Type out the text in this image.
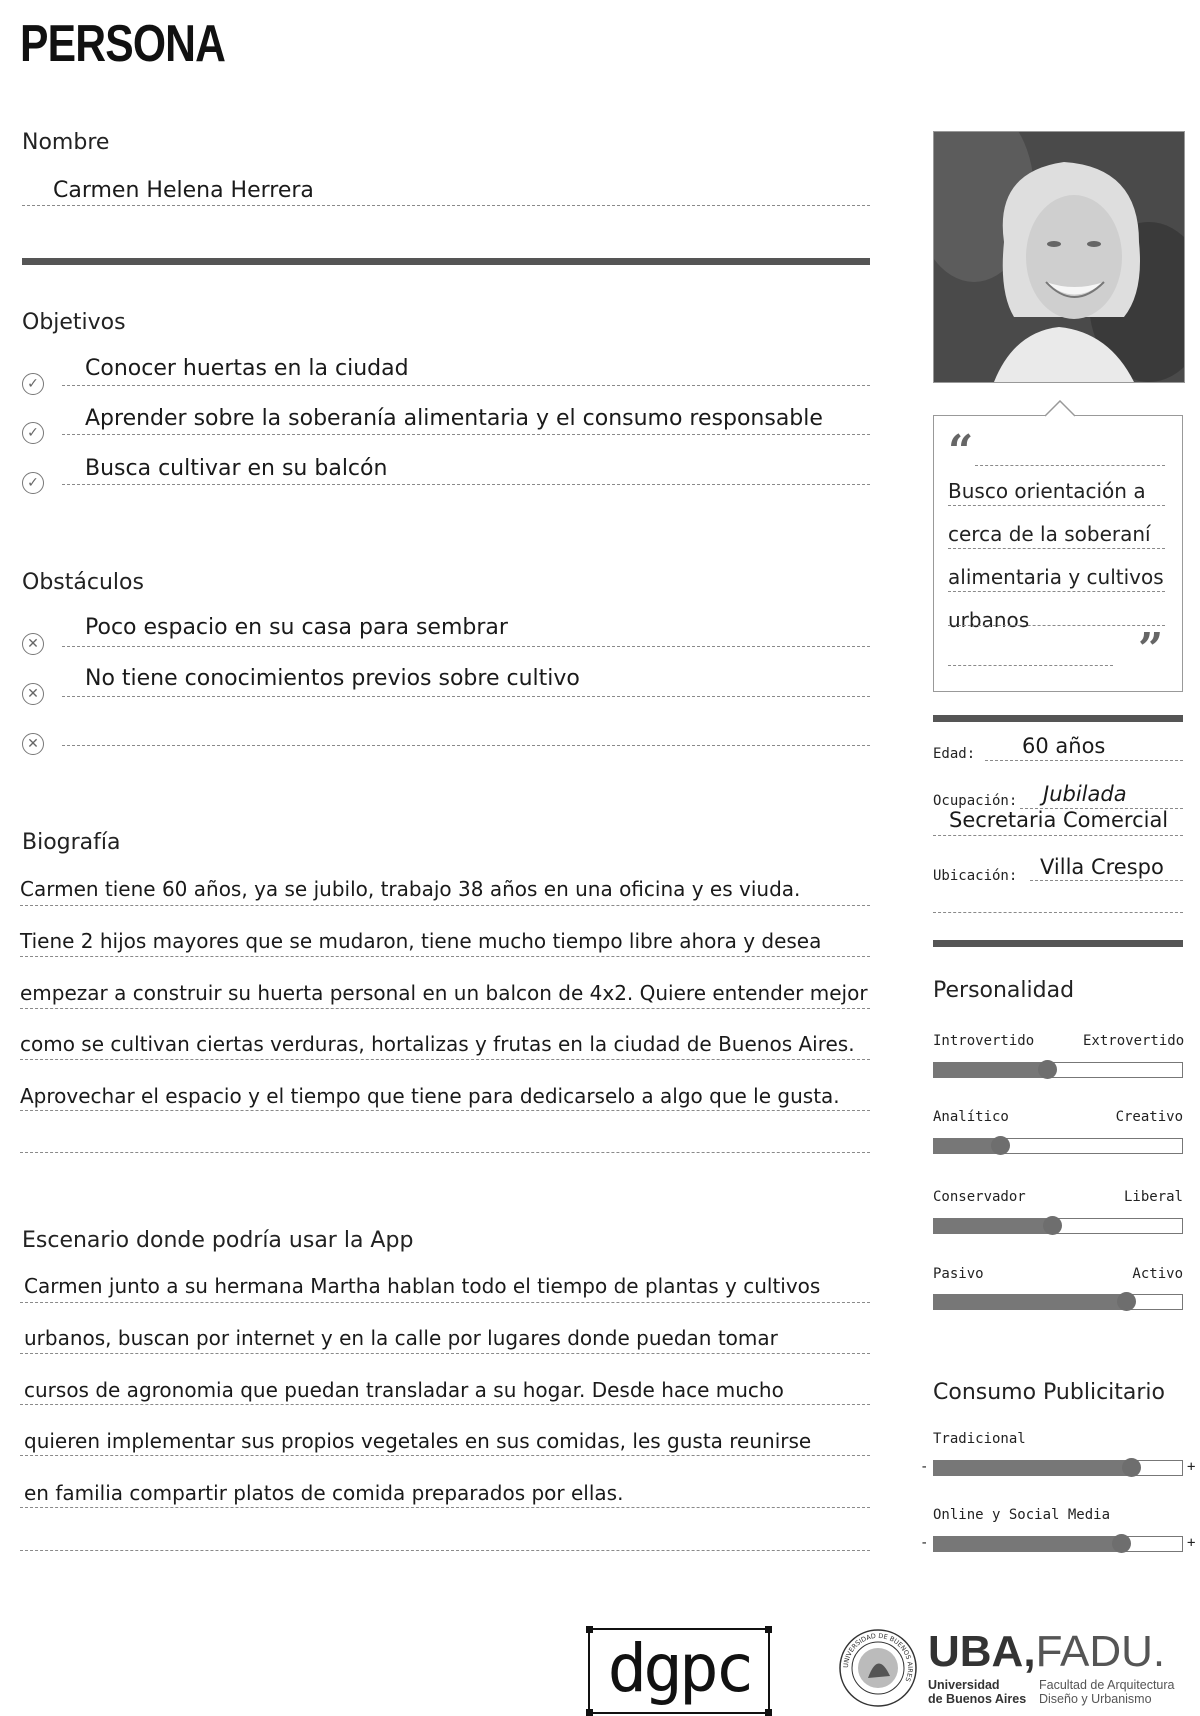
PERSONA
Nombre
Carmen Helena Herrera
Objetivos
✓
Conocer huertas en la ciudad
✓
Aprender sobre la soberanía alimentaria y el consumo responsable
✓
Busca cultivar en su balcón
Obstáculos
✕
Poco espacio en su casa para sembrar
✕
No tiene conocimientos previos sobre cultivo
✕
Biografía
Carmen tiene 60 años, ya se jubilo, trabajo 38 años en una oficina y es viuda.
Tiene 2 hijos mayores que se mudaron, tiene mucho tiempo libre ahora y desea
empezar a construir su huerta personal en un balcon de 4x2. Quiere entender mejor
como se cultivan ciertas verduras, hortalizas y frutas en la ciudad de Buenos Aires.
Aprovechar el espacio y el tiempo que tiene para dedicarselo a algo que le gusta.
Escenario donde podría usar la App
Carmen junto a su hermana Martha hablan todo el tiempo de plantas y cultivos
urbanos, buscan por internet y en la calle por lugares donde puedan tomar
cursos de agronomia que puedan transladar a su hogar. Desde hace mucho
quieren implementar sus propios vegetales en sus comidas, les gusta reunirse
en familia compartir platos de comida preparados por ellas.
“
Busco orientación a
cerca de la soberaní
alimentaria y cultivos
urbanos
”
Edad: 60 años
Ocupación: Jubilada
Secretaria Comercial
Ubicación: Villa Crespo
Personalidad
Introvertido	Extrovertido
Analítico	Creativo
Conservador	Liberal
Pasivo	Activo
Consumo Publicitario
Tradicional
-	+
Online y Social Media
-	+
dgpc	UNIVERSIDAD DE BUENOS AIRES
UBA,FADU.
Universidad
de Buenos Aires
Facultad de Arquitectura
Diseño y Urbanismo
